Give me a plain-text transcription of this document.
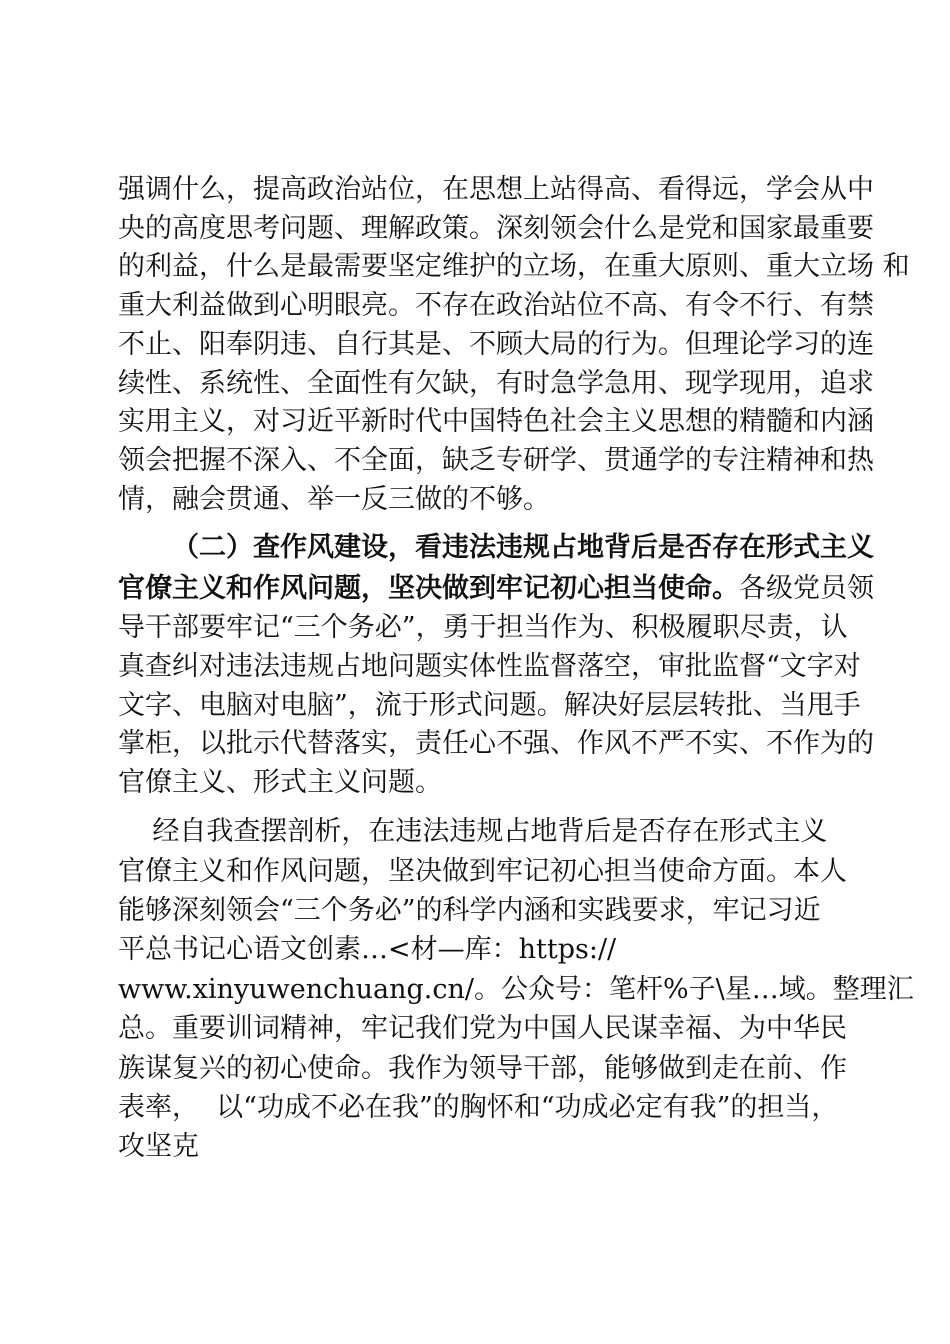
强调什么，提高政治站位，在思想上站得高、看得远，学会从中
央的高度思考问题、理解政策。深刻领会什么是党和国家最重要
的利益，什么是最需要坚定维护的立场，在重大原则、重大立场 和
重大利益做到心明眼亮。不存在政治站位不高、有令不行、有禁
不止、阳奉阴违、自行其是、不顾大局的行为。但理论学习的连
续性、系统性、全面性有欠缺，有时急学急用、现学现用，追求
实用主义，对习近平新时代中国特色社会主义思想的精髓和内涵
领会把握不深入、不全面，缺乏专研学、贯通学的专注精神和热
情，融会贯通、举一反三做的不够。
（二）查作风建设，看违法违规占地背后是否存在形式主义
官僚主义和作风问题，坚决做到牢记初心担当使命。各级党员领
导干部要牢记“三个务必”，勇于担当作为、积极履职尽责，认
真查纠对违法违规占地问题实体性监督落空，审批监督“文字对
文字、电脑对电脑”，流于形式问题。解决好层层转批、当甩手
掌柜，以批示代替落实，责任心不强、作风不严不实、不作为的
官僚主义、形式主义问题。
经自我查摆剖析，在违法违规占地背后是否存在形式主义
官僚主义和作风问题，坚决做到牢记初心担当使命方面。本人
能够深刻领会“三个务必”的科学内涵和实践要求，牢记习近
平总书记心语文创素…<材—库：https://
www.xinyuwenchuang.cn/。公众号：笔杆%子\星…域。整理汇
总。重要训词精神，牢记我们党为中国人民谋幸福、为中华民
族谋复兴的初心使命。我作为领导干部，能够做到走在前、作
表率，  以“功成不必在我”的胸怀和“功成必定有我”的担当，
攻坚克
